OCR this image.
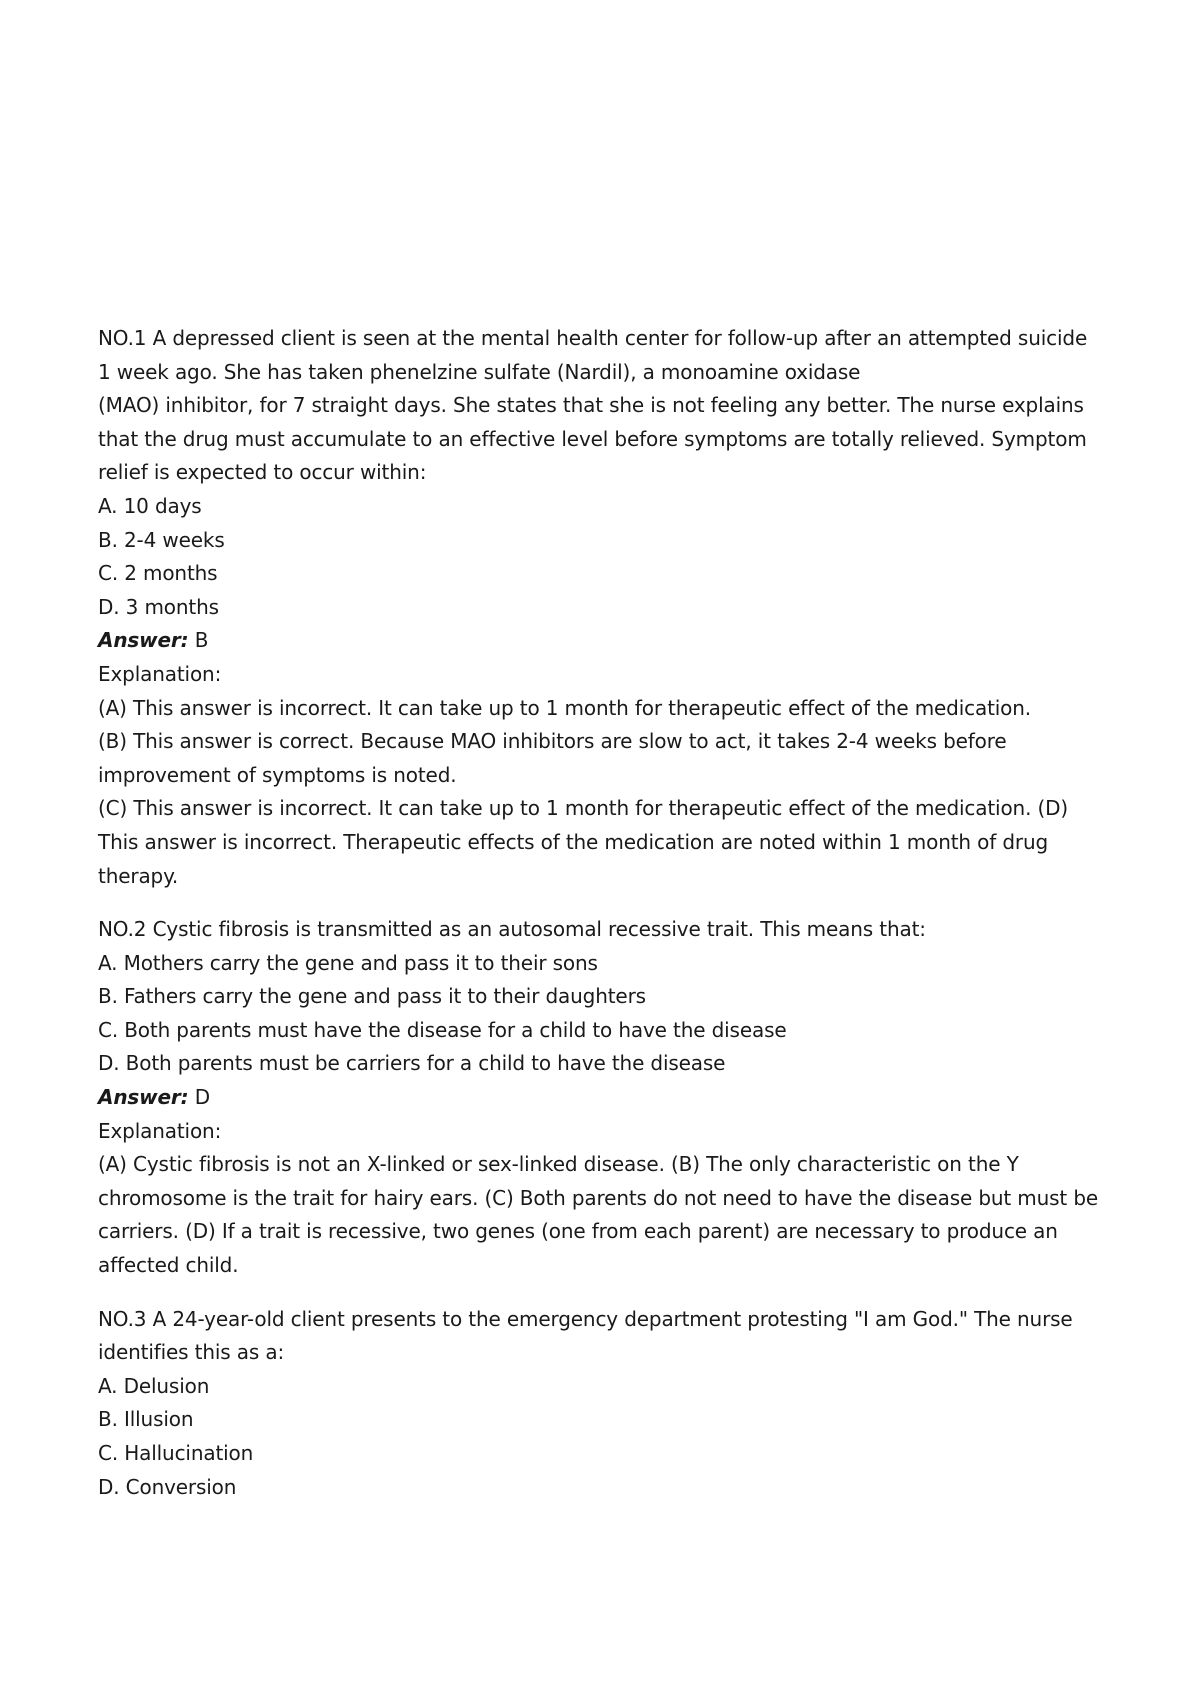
NO.1 A depressed client is seen at the mental health center for follow-up after an attempted suicide
1 week ago. She has taken phenelzine sulfate (Nardil), a monoamine oxidase
(MAO) inhibitor, for 7 straight days. She states that she is not feeling any better. The nurse explains
that the drug must accumulate to an effective level before symptoms are totally relieved. Symptom
relief is expected to occur within:
A. 10 days
B. 2-4 weeks
C. 2 months
D. 3 months
Answer: B
Explanation:
(A) This answer is incorrect. It can take up to 1 month for therapeutic effect of the medication.
(B) This answer is correct. Because MAO inhibitors are slow to act, it takes 2-4 weeks before
improvement of symptoms is noted.
(C) This answer is incorrect. It can take up to 1 month for therapeutic effect of the medication. (D)
This answer is incorrect. Therapeutic effects of the medication are noted within 1 month of drug
therapy.
NO.2 Cystic fibrosis is transmitted as an autosomal recessive trait. This means that:
A. Mothers carry the gene and pass it to their sons
B. Fathers carry the gene and pass it to their daughters
C. Both parents must have the disease for a child to have the disease
D. Both parents must be carriers for a child to have the disease
Answer: D
Explanation:
(A) Cystic fibrosis is not an X-linked or sex-linked disease. (B) The only characteristic on the Y
chromosome is the trait for hairy ears. (C) Both parents do not need to have the disease but must be
carriers. (D) If a trait is recessive, two genes (one from each parent) are necessary to produce an
affected child.
NO.3 A 24-year-old client presents to the emergency department protesting "I am God." The nurse
identifies this as a:
A. Delusion
B. Illusion
C. Hallucination
D. Conversion
